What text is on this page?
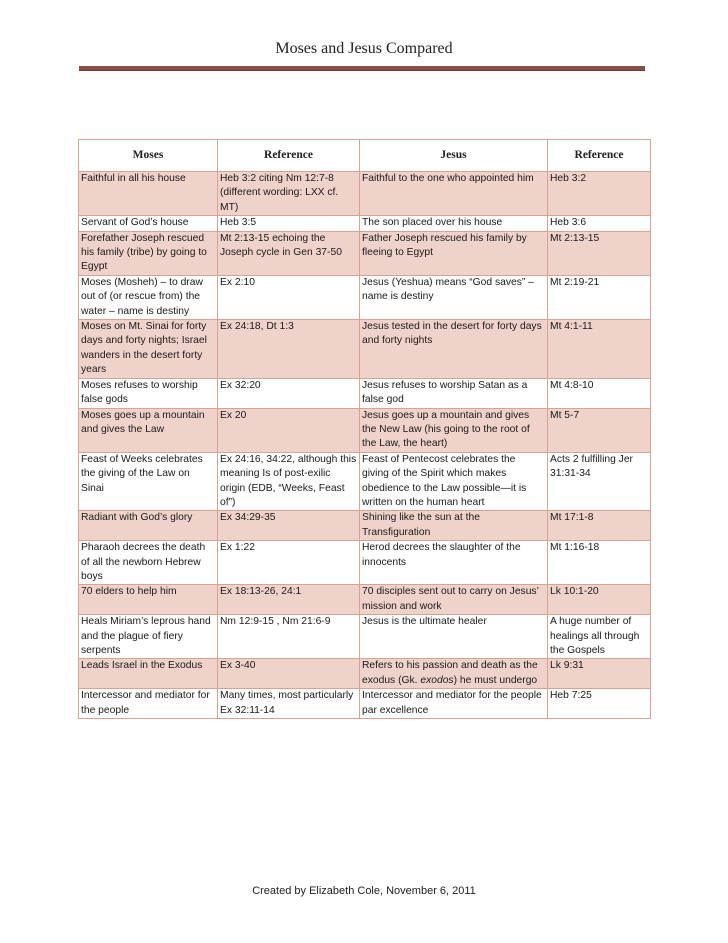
Moses and Jesus Compared
Moses	Reference	Jesus	Reference
Faithful in all his house	Heb 3:2 citing Nm 12:7-8 (different wording: LXX cf. MT)	Faithful to the one who appointed him	Heb 3:2
Servant of God’s house	Heb 3:5	The son placed over his house	Heb 3:6
Forefather Joseph rescued his family (tribe) by going to Egypt	Mt 2:13-15 echoing the Joseph cycle in Gen 37-50	Father Joseph rescued his family by fleeing to Egypt	Mt 2:13-15
Moses (Mosheh) – to draw out of (or rescue from) the water – name is destiny	Ex 2:10	Jesus (Yeshua) means “God saves” – name is destiny	Mt 2:19-21
Moses on Mt. Sinai for forty days and forty nights; Israel wanders in the desert forty years	Ex 24:18, Dt 1:3	Jesus tested in the desert for forty days and forty nights	Mt 4:1-11
Moses refuses to worship false gods	Ex 32:20	Jesus refuses to worship Satan as a false god	Mt 4:8-10
Moses goes up a mountain and gives the Law	Ex 20	Jesus goes up a mountain and gives the New Law (his going to the root of the Law, the heart)	Mt 5-7
Feast of Weeks celebrates the giving of the Law on Sinai	Ex 24:16, 34:22, although this meaning Is of post-exilic origin (EDB, “Weeks, Feast of”)	Feast of Pentecost celebrates the giving of the Spirit which makes obedience to the Law possible—it is written on the human heart	Acts 2 fulfilling Jer 31:31-34
Radiant with God’s glory	Ex 34:29-35	Shining like the sun at the Transfiguration	Mt 17:1-8
Pharaoh decrees the death of all the newborn Hebrew boys	Ex 1:22	Herod decrees the slaughter of the innocents	Mt 1:16-18
70 elders to help him	Ex 18:13-26, 24:1	70 disciples sent out to carry on Jesus’ mission and work	Lk 10:1-20
Heals Miriam’s leprous hand and the plague of fiery serpents	Nm 12:9-15 , Nm 21:6-9	Jesus is the ultimate healer	A huge number of healings all through the Gospels
Leads Israel in the Exodus	Ex 3-40	Refers to his passion and death as the exodus (Gk. exodos) he must undergo	Lk 9:31
Intercessor and mediator for the people	Many times, most particularly Ex 32:11-14	Intercessor and mediator for the people par excellence	Heb 7:25
Created by Elizabeth Cole, November 6, 2011
